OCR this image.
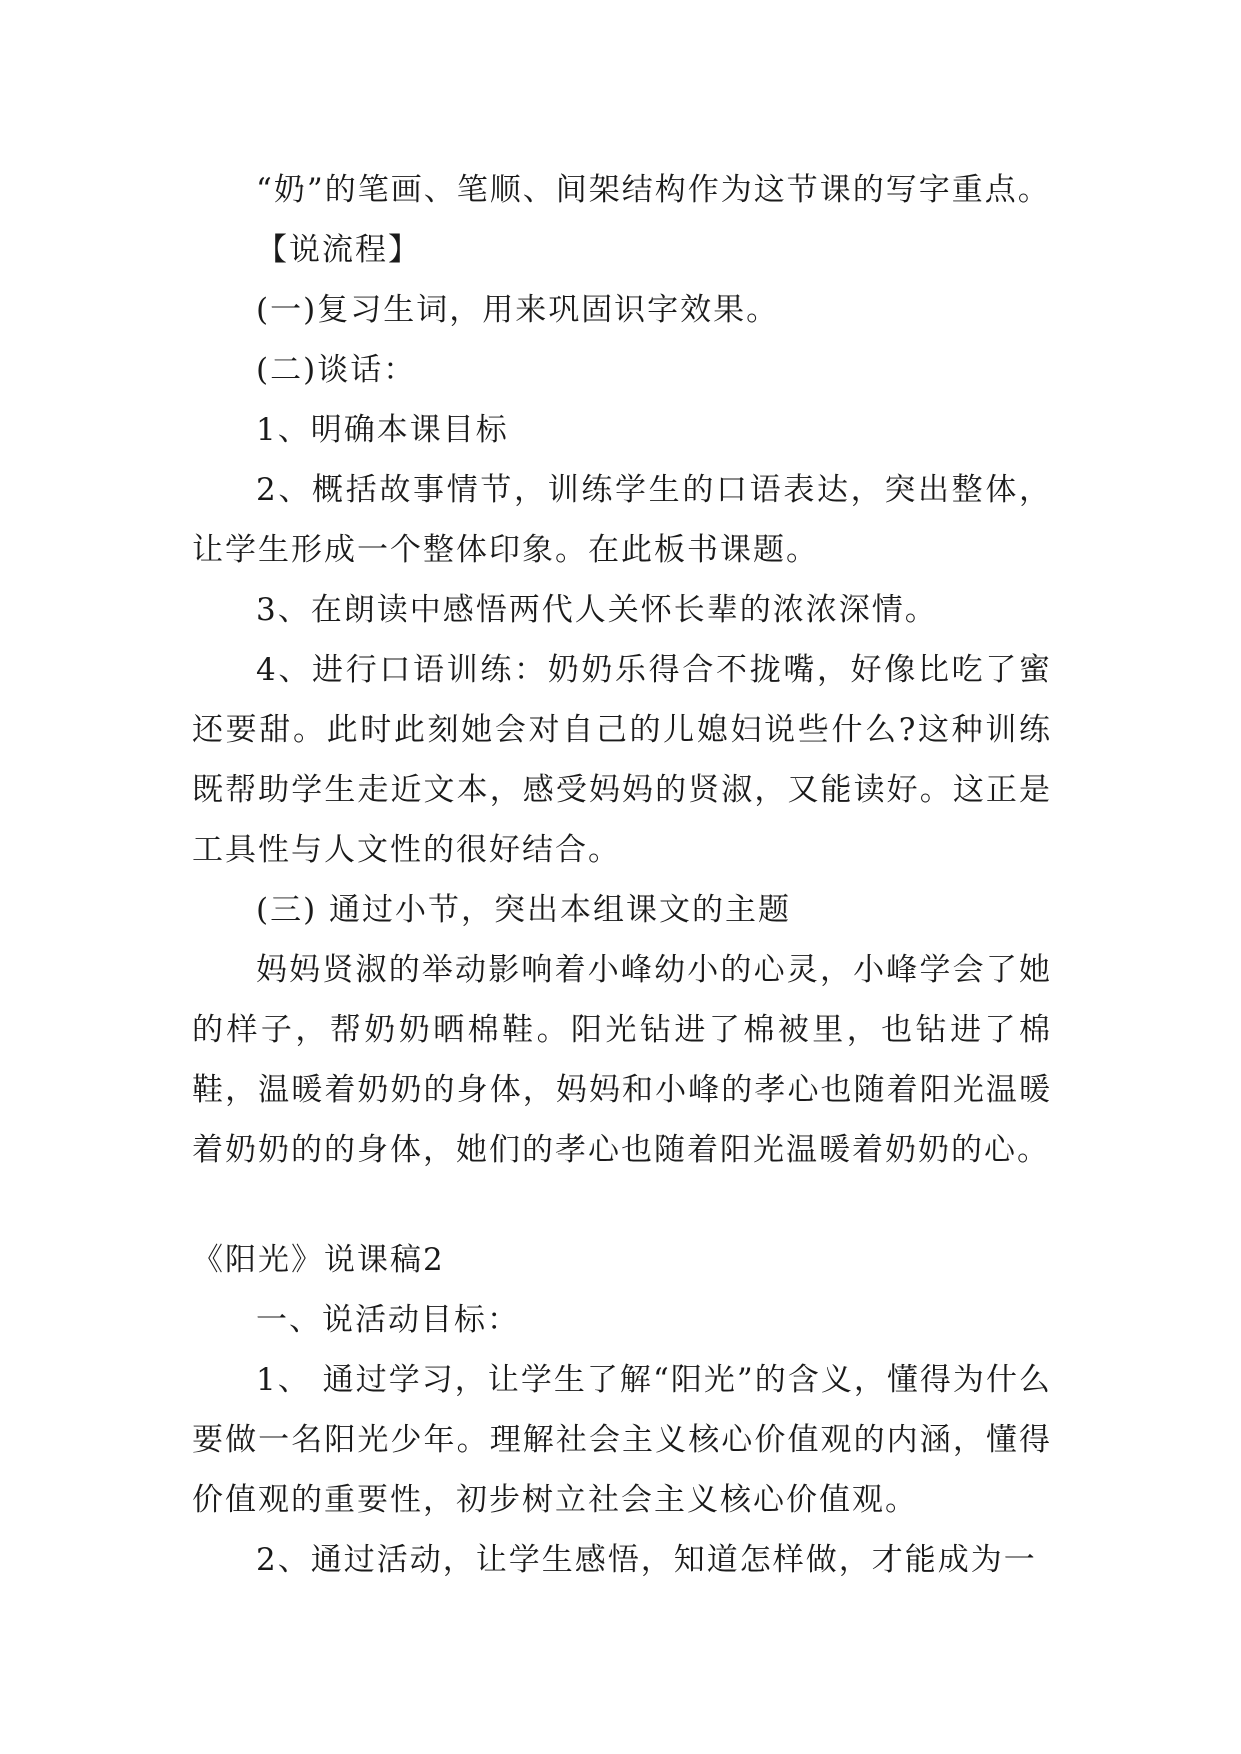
“奶”的笔画、笔顺、间架结构作为这节课的写字重点。

【说流程】

(一)复习生词，用来巩固识字效果。

(二)谈话：

1、明确本课目标

2、概括故事情节，训练学生的口语表达，突出整体，让学生形成一个整体印象。在此板书课题。

3、在朗读中感悟两代人关怀长辈的浓浓深情。

4、进行口语训练：奶奶乐得合不拢嘴，好像比吃了蜜还要甜。此时此刻她会对自己的儿媳妇说些什么?这种训练既帮助学生走近文本，感受妈妈的贤淑，又能读好。这正是工具性与人文性的很好结合。

(三) 通过小节，突出本组课文的主题

妈妈贤淑的举动影响着小峰幼小的心灵，小峰学会了她的样子，帮奶奶晒棉鞋。阳光钻进了棉被里，也钻进了棉鞋，温暖着奶奶的身体，妈妈和小峰的孝心也随着阳光温暖着奶奶的的身体，她们的孝心也随着阳光温暖着奶奶的心。

《阳光》说课稿2

一、说活动目标：

1、 通过学习，让学生了解“阳光”的含义，懂得为什么要做一名阳光少年。理解社会主义核心价值观的内涵，懂得价值观的重要性，初步树立社会主义核心价值观。

2、通过活动，让学生感悟，知道怎样做，才能成为一
